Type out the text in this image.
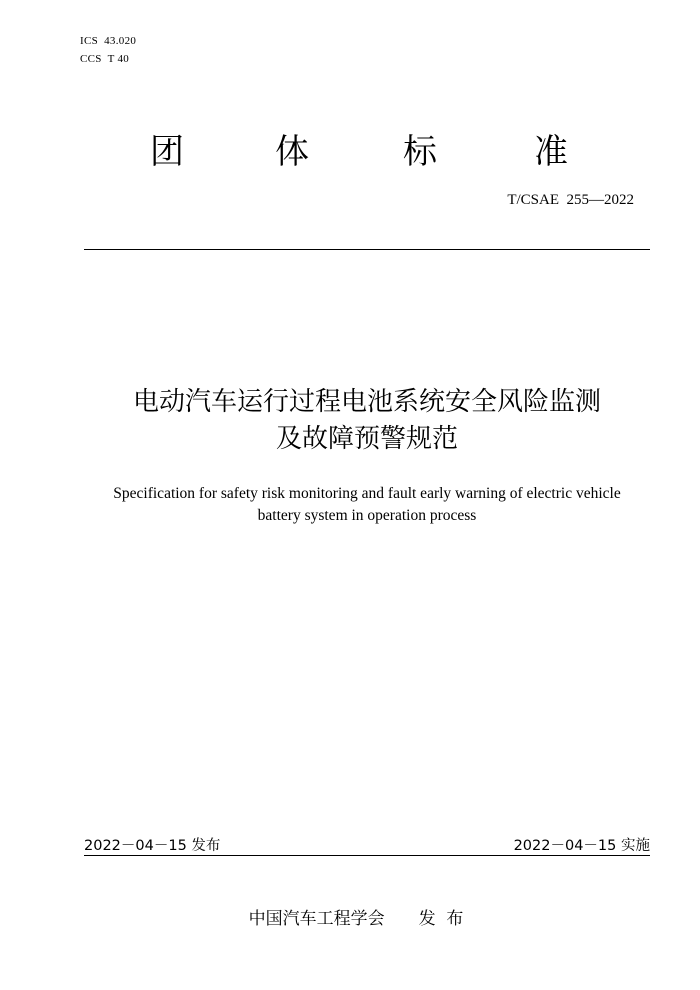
ICS  43.020
CCS  T 40
团	体	标	准
T/CSAE  255—2022
电动汽车运行过程电池系统安全风险监测
及故障预警规范
Specification for safety risk monitoring and fault early warning of electric vehicle
battery system in operation process
2022－04－15 发布	2022－04－15 实施
中国汽车工程学会 发  布
